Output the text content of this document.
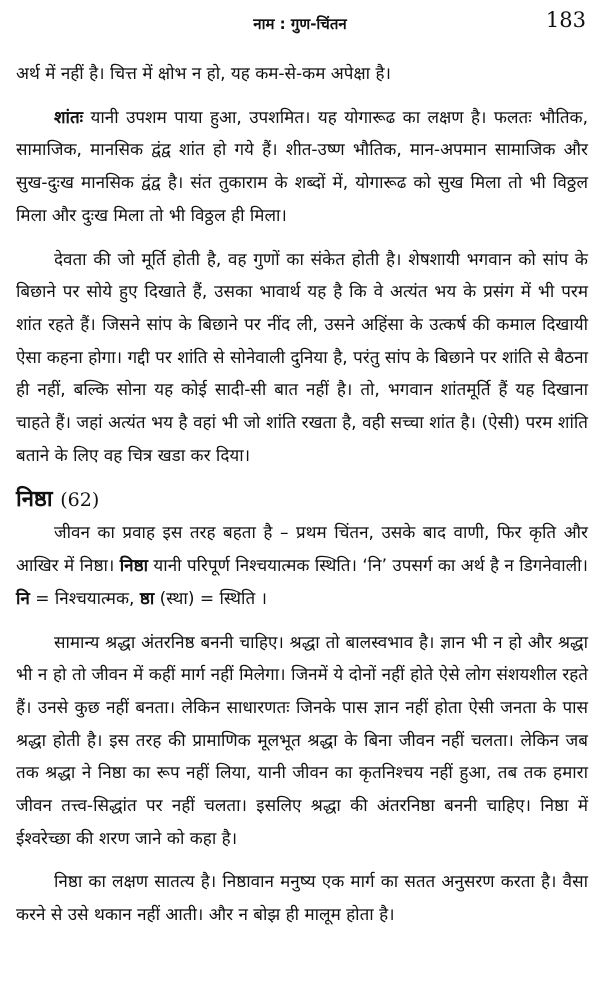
नाम : गुण-चिंतन	183

अर्थ में नहीं है। चित्त में क्षोभ न हो, यह कम-से-कम अपेक्षा है।

शांतः यानी उपशम पाया हुआ, उपशमित। यह योगारूढ का लक्षण है। फलतः भौतिक, सामाजिक, मानसिक द्वंद्व शांत हो गये हैं। शीत-उष्ण भौतिक, मान-अपमान सामाजिक और सुख-दुःख मानसिक द्वंद्व है। संत तुकाराम के शब्दों में, योगारूढ को सुख मिला तो भी विठ्ठल मिला और दुःख मिला तो भी विठ्ठल ही मिला।

देवता की जो मूर्ति होती है, वह गुणों का संकेत होती है। शेषशायी भगवान को सांप के बिछाने पर सोये हुए दिखाते हैं, उसका भावार्थ यह है कि वे अत्यंत भय के प्रसंग में भी परम शांत रहते हैं। जिसने सांप के बिछाने पर नींद ली, उसने अहिंसा के उत्कर्ष की कमाल दिखायी ऐसा कहना होगा। गद्दी पर शांति से सोनेवाली दुनिया है, परंतु सांप के बिछाने पर शांति से बैठना ही नहीं, बल्कि सोना यह कोई सादी-सी बात नहीं है। तो, भगवान शांतमूर्ति हैं यह दिखाना चाहते हैं। जहां अत्यंत भय है वहां भी जो शांति रखता है, वही सच्चा शांत है। (ऐसी) परम शांति बताने के लिए वह चित्र खडा कर दिया।

निष्ठा (62)

जीवन का प्रवाह इस तरह बहता है – प्रथम चिंतन, उसके बाद वाणी, फिर कृति और आखिर में निष्ठा। निष्ठा यानी परिपूर्ण निश्चयात्मक स्थिति। ‘नि’ उपसर्ग का अर्थ है न डिगनेवाली। नि = निश्चयात्मक, ष्ठा (स्था) = स्थिति ।

सामान्य श्रद्धा अंतरनिष्ठ बननी चाहिए। श्रद्धा तो बालस्वभाव है। ज्ञान भी न हो और श्रद्धा भी न हो तो जीवन में कहीं मार्ग नहीं मिलेगा। जिनमें ये दोनों नहीं होते ऐसे लोग संशयशील रहते हैं। उनसे कुछ नहीं बनता। लेकिन साधारणतः जिनके पास ज्ञान नहीं होता ऐसी जनता के पास श्रद्धा होती है। इस तरह की प्रामाणिक मूलभूत श्रद्धा के बिना जीवन नहीं चलता। लेकिन जब तक श्रद्धा ने निष्ठा का रूप नहीं लिया, यानी जीवन का कृतनिश्चय नहीं हुआ, तब तक हमारा जीवन तत्त्व-सिद्धांत पर नहीं चलता। इसलिए श्रद्धा की अंतरनिष्ठा बननी चाहिए। निष्ठा में ईश्वरेच्छा की शरण जाने को कहा है।

निष्ठा का लक्षण सातत्य है। निष्ठावान मनुष्य एक मार्ग का सतत अनुसरण करता है। वैसा करने से उसे थकान नहीं आती। और न बोझ ही मालूम होता है।
